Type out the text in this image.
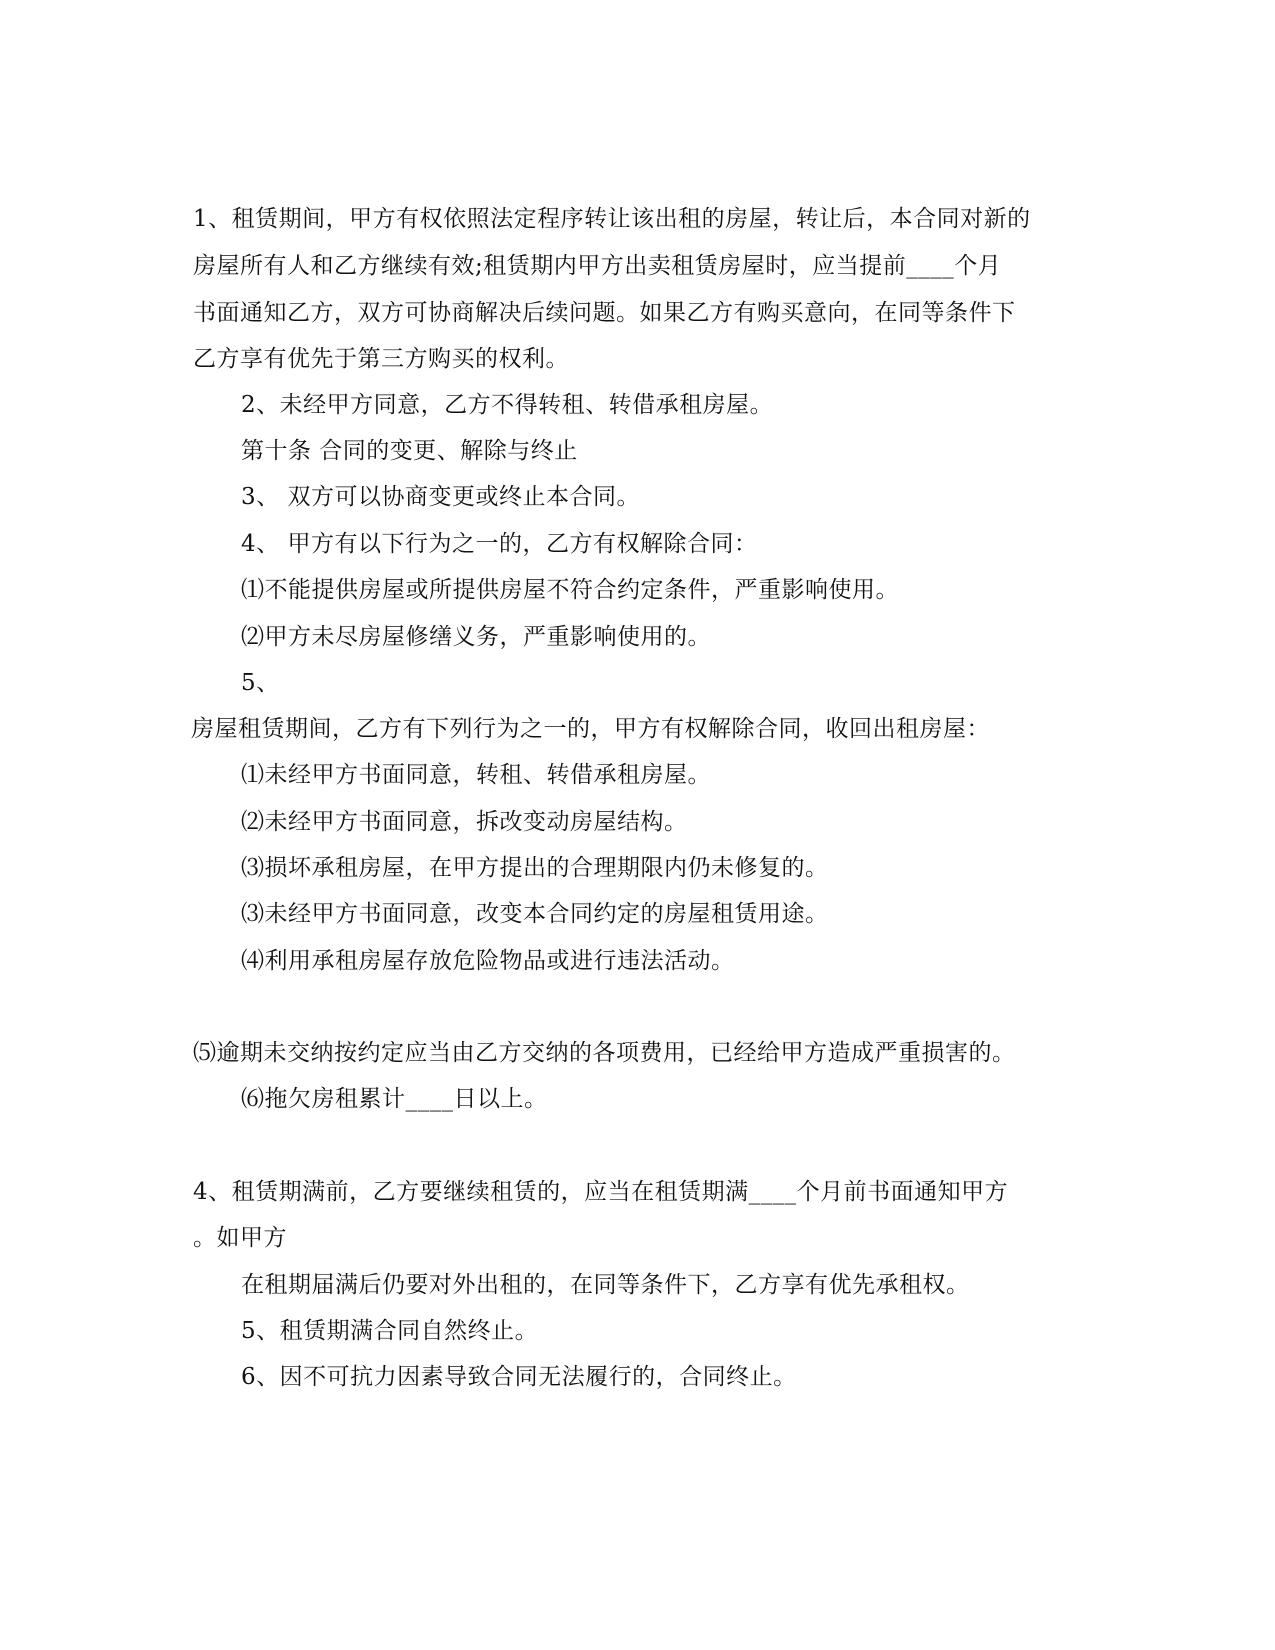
1、租赁期间，甲方有权依照法定程序转让该出租的房屋，转让后，本合同对新的
房屋所有人和乙方继续有效;租赁期内甲方出卖租赁房屋时，应当提前____个月
书面通知乙方，双方可协商解决后续问题。如果乙方有购买意向，在同等条件下
乙方享有优先于第三方购买的权利。
2、未经甲方同意，乙方不得转租、转借承租房屋。
第十条 合同的变更、解除与终止
3、 双方可以协商变更或终止本合同。
4、 甲方有以下行为之一的，乙方有权解除合同：
⑴不能提供房屋或所提供房屋不符合约定条件，严重影响使用。
⑵甲方未尽房屋修缮义务，严重影响使用的。
5、
房屋租赁期间，乙方有下列行为之一的，甲方有权解除合同，收回出租房屋：
⑴未经甲方书面同意，转租、转借承租房屋。
⑵未经甲方书面同意，拆改变动房屋结构。
⑶损坏承租房屋，在甲方提出的合理期限内仍未修复的。
⑶未经甲方书面同意，改变本合同约定的房屋租赁用途。
⑷利用承租房屋存放危险物品或进行违法活动。
⑸逾期未交纳按约定应当由乙方交纳的各项费用，已经给甲方造成严重损害的。
⑹拖欠房租累计____日以上。
4、租赁期满前，乙方要继续租赁的，应当在租赁期满____个月前书面通知甲方
。如甲方
在租期届满后仍要对外出租的，在同等条件下，乙方享有优先承租权。
5、租赁期满合同自然终止。
6、因不可抗力因素导致合同无法履行的，合同终止。
